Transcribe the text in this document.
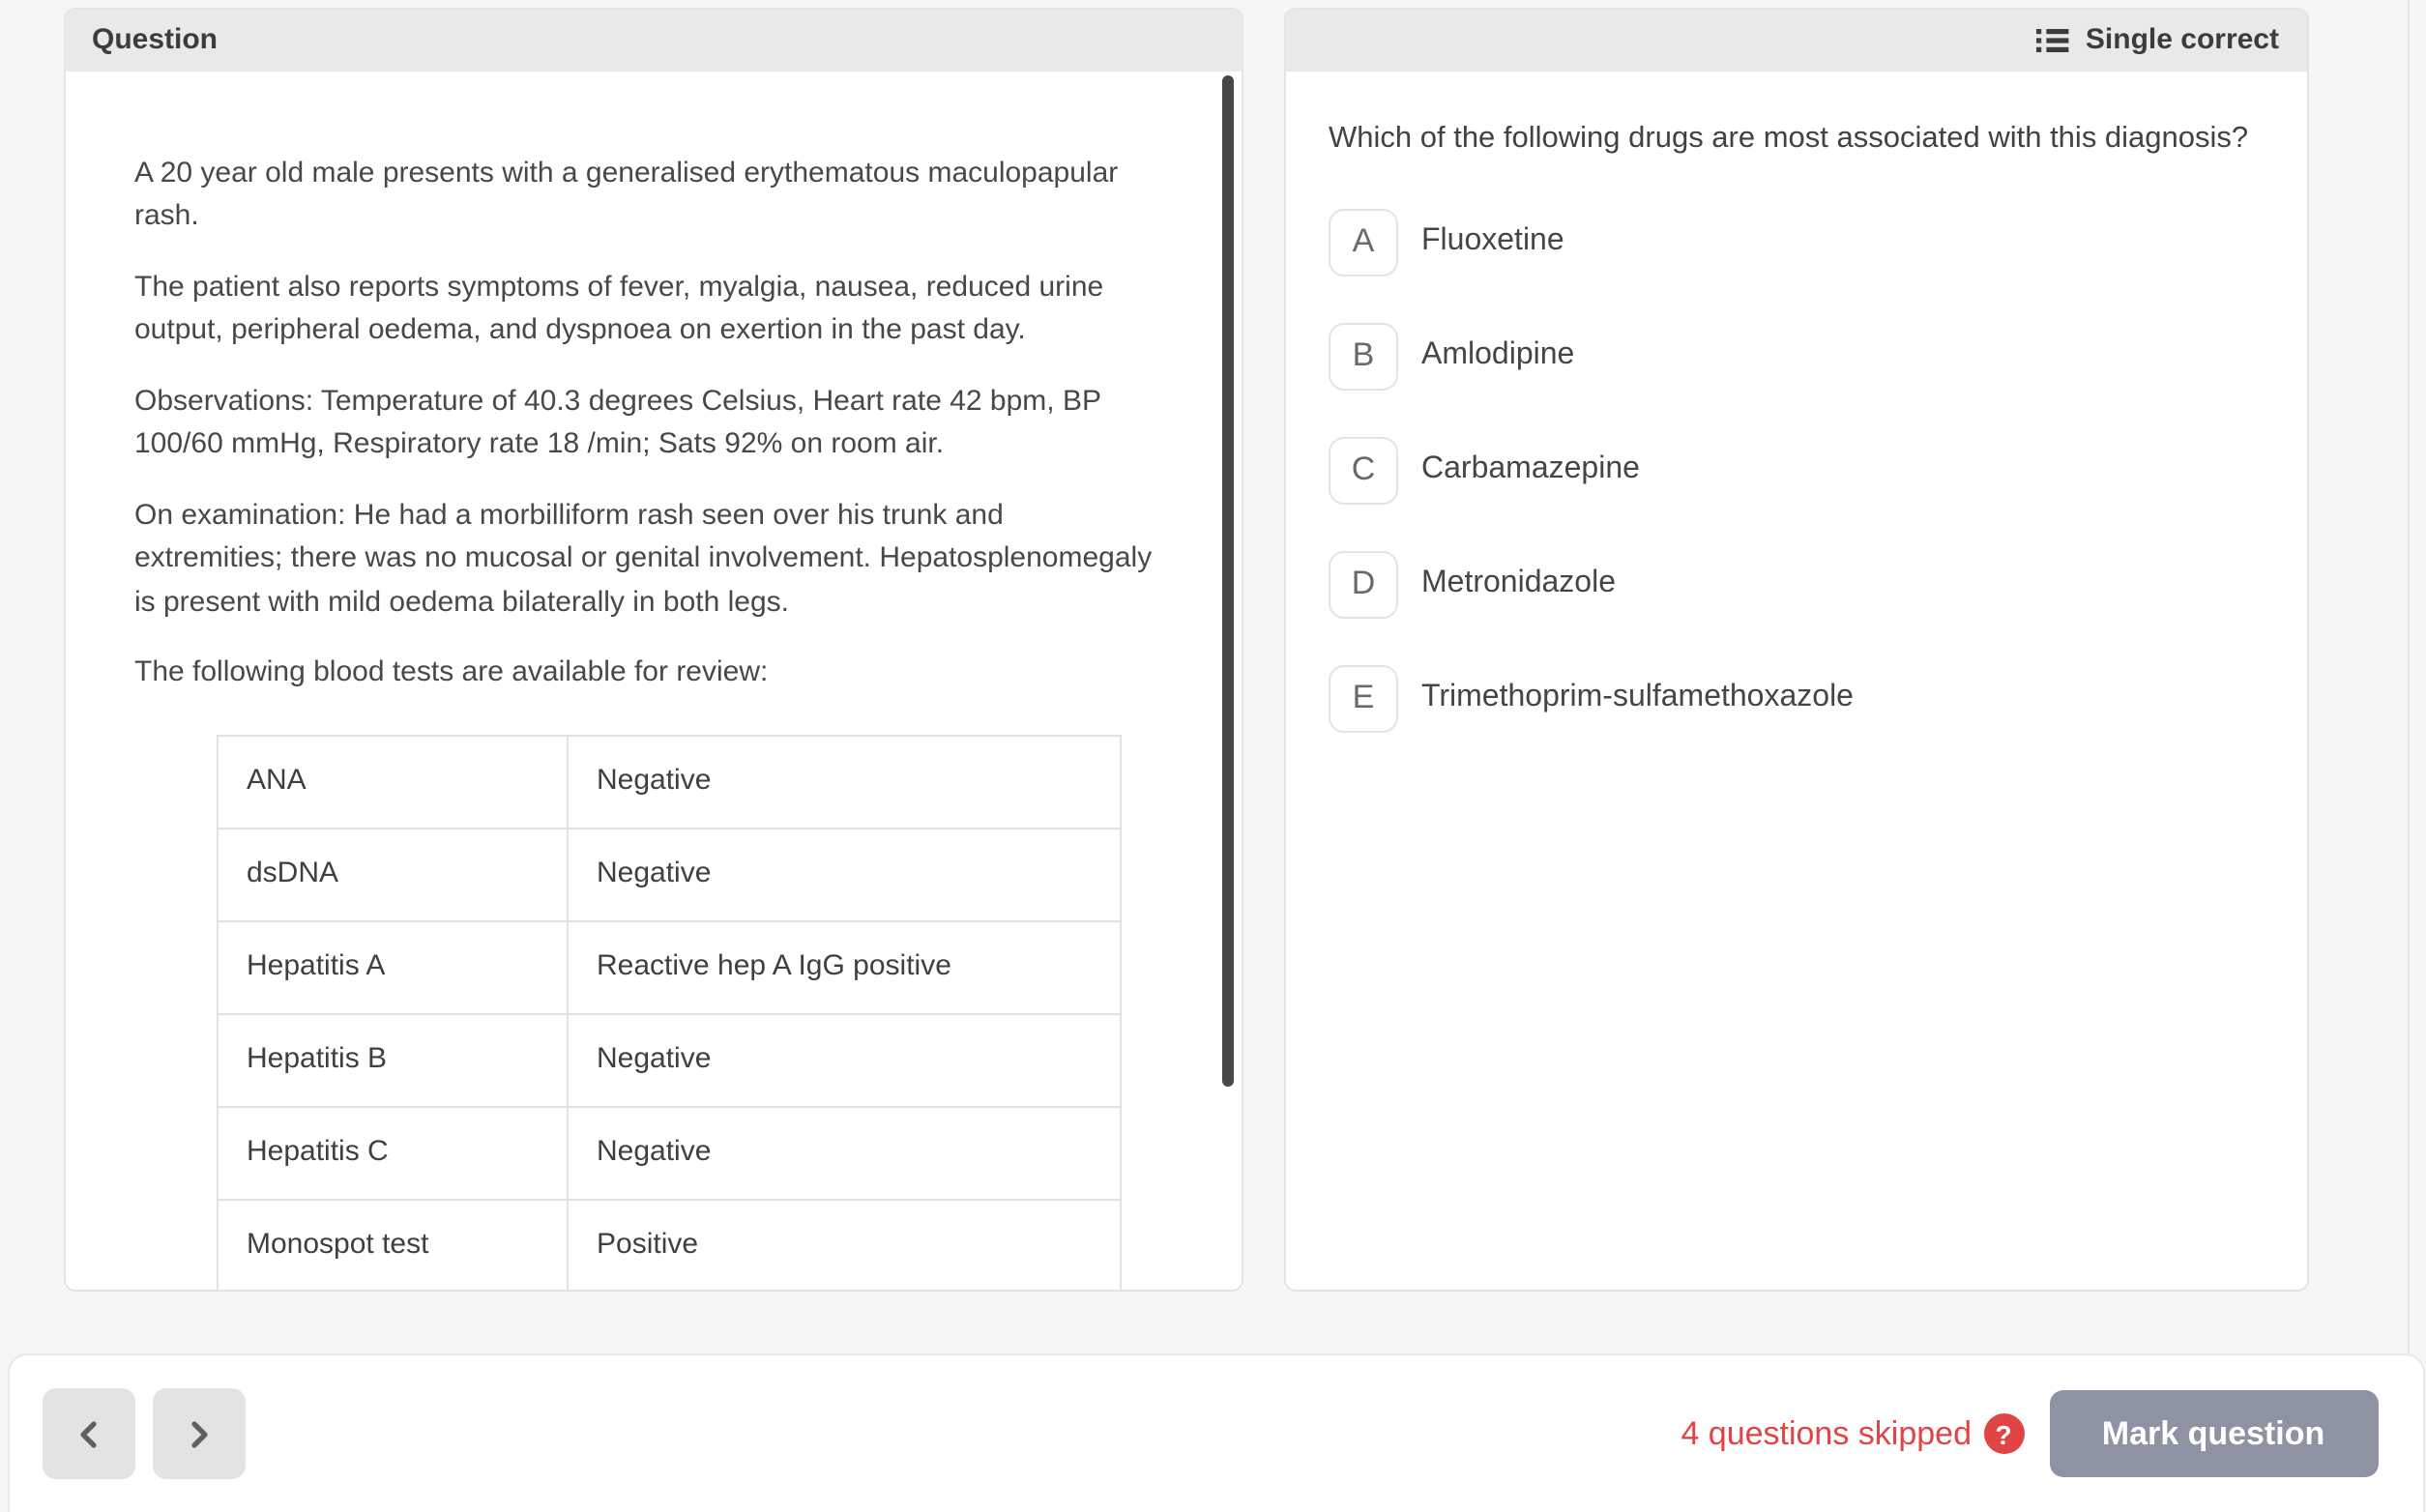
Question

A 20 year old male presents with a generalised erythematous maculopapular rash.

The patient also reports symptoms of fever, myalgia, nausea, reduced urine output, peripheral oedema, and dyspnoea on exertion in the past day.

Observations: Temperature of 40.3 degrees Celsius, Heart rate 42 bpm, BP 100/60 mmHg, Respiratory rate 18 /min; Sats 92% on room air.

On examination: He had a morbilliform rash seen over his trunk and extremities; there was no mucosal or genital involvement. Hepatosplenomegaly is present with mild oedema bilaterally in both legs.

The following blood tests are available for review:

ANA	Negative
dsDNA	Negative
Hepatitis A	Reactive hep A IgG positive
Hepatitis B	Negative
Hepatitis C	Negative
Monospot test	Positive
Single correct

Which of the following drugs are most associated with this diagnosis?

A	Fluoxetine
B	Amlodipine
C	Carbamazepine
D	Metronidazole
E	Trimethoprim-sulfamethoxazole
4 questions skipped	?	Mark question
